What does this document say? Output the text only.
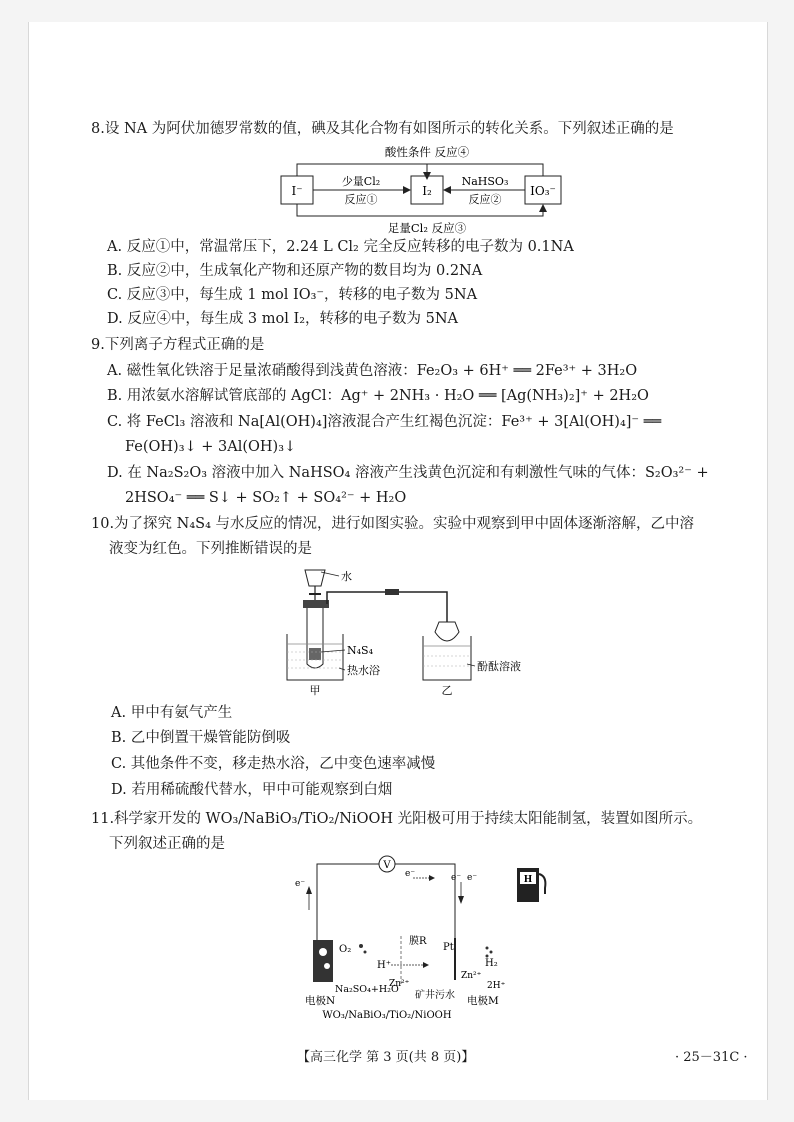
8.设 NA 为阿伏加德罗常数的值，碘及其化合物有如图所示的转化关系。下列叙述正确的是
酸性条件 反应④
I⁻	I₂	IO₃⁻
少量Cl₂
反应①
NaHSO₃
反应②
足量Cl₂ 反应③
A. 反应①中，常温常压下，2.24 L Cl₂ 完全反应转移的电子数为 0.1NA
B. 反应②中，生成氧化产物和还原产物的数目均为 0.2NA
C. 反应③中，每生成 1 mol IO₃⁻，转移的电子数为 5NA
D. 反应④中，每生成 3 mol I₂，转移的电子数为 5NA
9.下列离子方程式正确的是
A. 磁性氧化铁溶于足量浓硝酸得到浅黄色溶液：Fe₂O₃ + 6H⁺ ══ 2Fe³⁺ + 3H₂O
B. 用浓氨水溶解试管底部的 AgCl：Ag⁺ + 2NH₃ · H₂O ══ [Ag(NH₃)₂]⁺ + 2H₂O
C. 将 FeCl₃ 溶液和 Na[Al(OH)₄]溶液混合产生红褐色沉淀：Fe³⁺ + 3[Al(OH)₄]⁻ ══
Fe(OH)₃↓ + 3Al(OH)₃↓
D. 在 Na₂S₂O₃ 溶液中加入 NaHSO₄ 溶液产生浅黄色沉淀和有刺激性气味的气体：S₂O₃²⁻ +
2HSO₄⁻ ══ S↓ + SO₂↑ + SO₄²⁻ + H₂O
10.为了探究 N₄S₄ 与水反应的情况，进行如图实验。实验中观察到甲中固体逐渐溶解，乙中溶
液变为红色。下列推断错误的是
水
N₄S₄
热水浴
甲
酚酞溶液
乙
A. 甲中有氨气产生
B. 乙中倒置干燥管能防倒吸
C. 其他条件不变，移走热水浴，乙中变色速率减慢
D. 若用稀硫酸代替水，甲中可能观察到白烟
11.科学家开发的 WO₃/NaBiO₃/TiO₂/NiOOH 光阳极可用于持续太阳能制氢，装置如图所示。
下列叙述正确的是
V
e⁻
e⁻	e⁻ e⁻
O₂
膜R
H⁺
Pt
H₂
Zn²⁺
Zn²⁺
2H⁺
Na₂SO₄+H₂O
矿井污水
电极N	电极M
WO₃/NaBiO₃/TiO₂/NiOOH
H
【高三化学 第 3 页(共 8 页)】	· 25－31C ·
